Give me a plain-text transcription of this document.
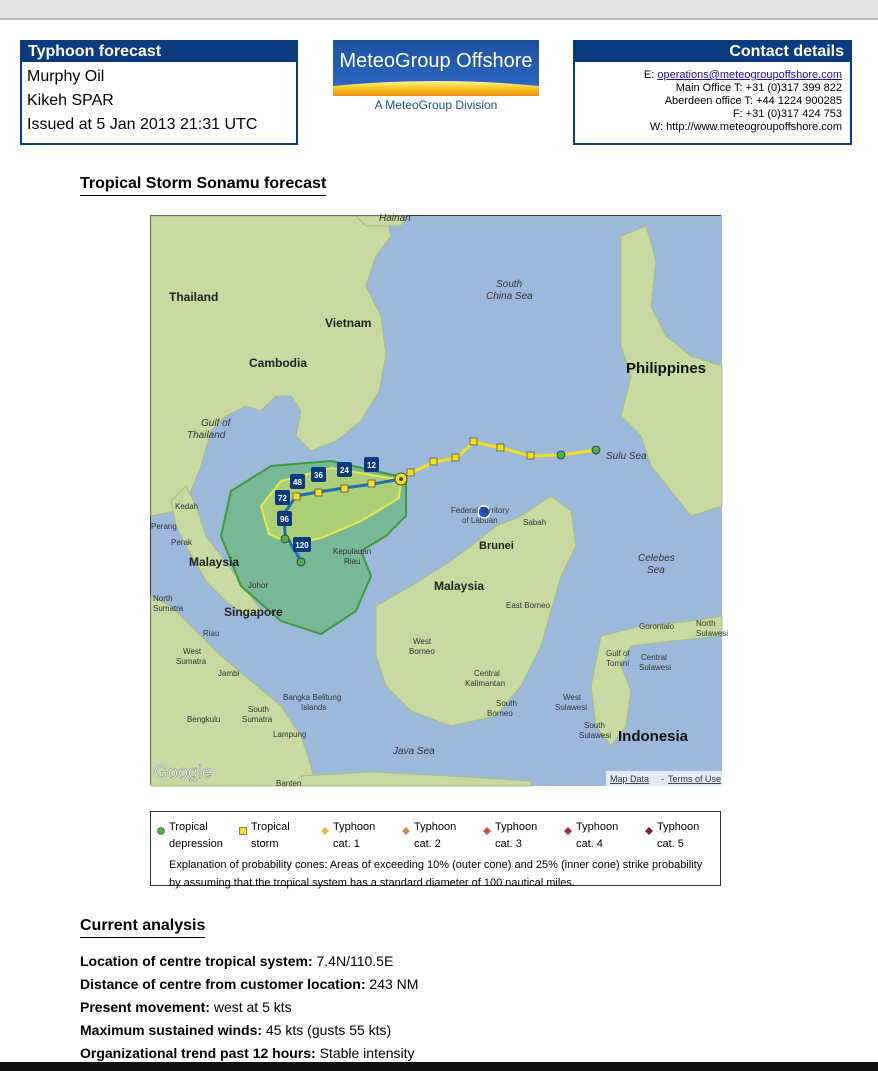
Typhoon forecast
Murphy Oil
Kikeh SPAR
Issued at 5 Jan 2013 21:31 UTC
MeteoGroup Offshore
A MeteoGroup Division
Contact details
E: operations@meteogroupoffshore.com
Main Office T: +31 (0)317 399 822
Aberdeen office T: +44 1224 900285
F: +31 (0)317 424 753
W: http://www.meteogroupoffshore.com
Tropical Storm Sonamu forecast
12
24
36
48
72
96
120
Hainan
South
China Sea
Gulf of
Thailand
Sulu Sea
Celebes
Sea
Java Sea
Thailand
Vietnam
Cambodia
Malaysia
Malaysia
Singapore
Brunei
Philippines
Indonesia
Federal Territory
of Labuan	Sabah
Kedah
Perang
Perak
Kepulauan
Riau
Johor
North
Sumatra
Riau
East Borneo
Gorontalo	North
Sulawesi
West
Sumatra
Jambi
West
Borneo	Gulf of
Tomini
Central
Sulawesi
Central
Kalimantan
Bangka Belitung
Islands
Bengkulu
South
Sumatra
South
Borneo
West
Sulawesi
South
Sulawesi
Lampung
Banten
Google	Map Data - Terms of Use
Tropical
depression
Tropical
storm
Typhoon
cat. 1
Typhoon
cat. 2
Typhoon
cat. 3
Typhoon
cat. 4
Typhoon
cat. 5
Explanation of probability cones: Areas of exceeding 10% (outer cone) and 25% (inner cone) strike probability by assuming that the tropical system has a standard diameter of 100 nautical miles.
Current analysis
Location of centre tropical system: 7.4N/110.5E
Distance of centre from customer location: 243 NM
Present movement: west at 5 kts
Maximum sustained winds: 45 kts (gusts 55 kts)
Organizational trend past 12 hours: Stable intensity
